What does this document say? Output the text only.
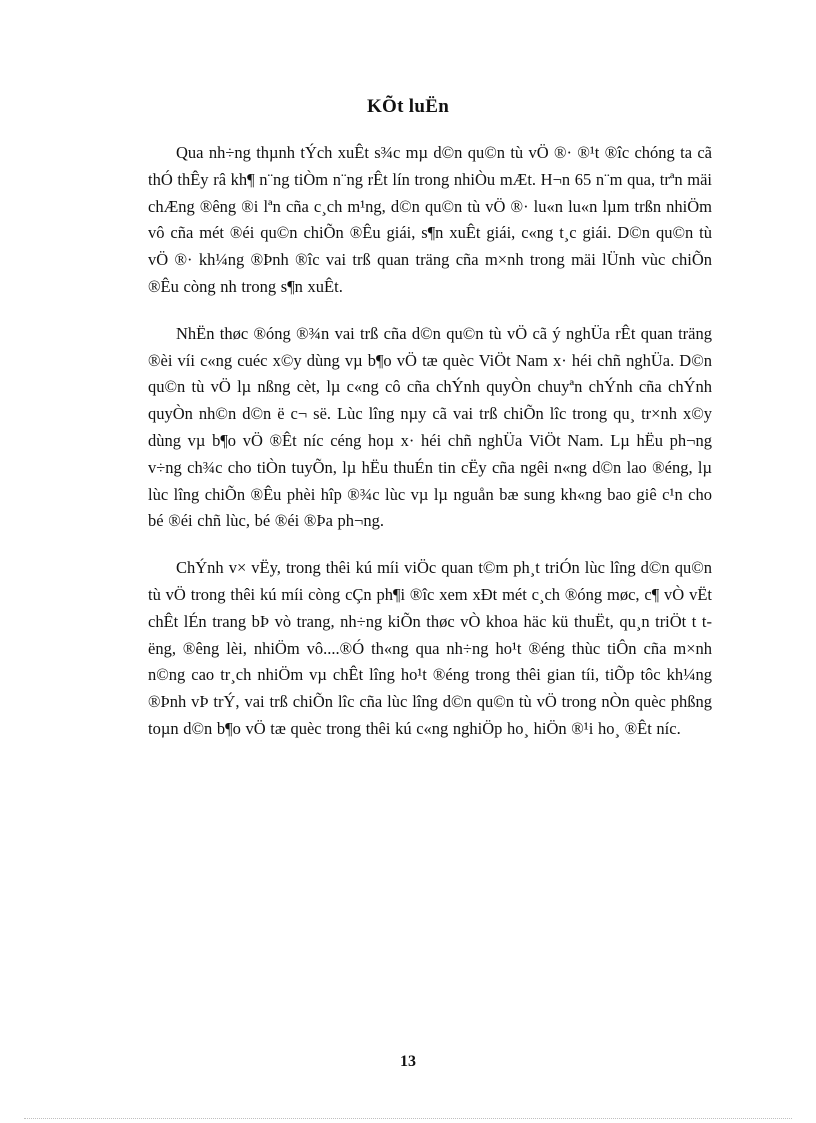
KÕt luËn

Qua nh÷ng thµnh tÝch xuÊt s¾c mµ d©n qu©n tù vÖ ®· ®¹t ®îc chóng ta cã thÓ thÊy râ kh¶ n¨ng tiÒm n¨ng rÊt lín trong nhiÒu mÆt. H¬n 65 n¨m qua, trªn mäi chÆng ®êng ®i lªn cña c¸ch m¹ng, d©n qu©n tù vÖ ®· lu«n lu«n lµm trßn nhiÖm vô cña mét ®éi qu©n chiÕn ®Êu giái, s¶n xuÊt giái, c«ng t¸c giái. D©n qu©n tù vÖ ®· kh¼ng ®Þnh ®îc vai trß quan träng cña m×nh trong mäi lÜnh vùc chiÕn ®Êu còng nh trong s¶n xuÊt.

NhËn thøc ®óng ®¾n vai trß cña d©n qu©n tù vÖ cã ý nghÜa rÊt quan träng ®èi víi c«ng cuéc x©y dùng vµ b¶o vÖ tæ quèc ViÖt Nam x· héi chñ nghÜa. D©n qu©n tù vÖ lµ nßng cèt, lµ c«ng cô cña chÝnh quyÒn chuyªn chÝnh cña chÝnh quyÒn nh©n d©n ë c¬ së. Lùc lîng nµy cã vai trß chiÕn lîc trong qu¸ tr×nh x©y dùng vµ b¶o vÖ ®Êt níc céng hoµ x· héi chñ nghÜa ViÖt Nam. Lµ hËu ph¬ng v÷ng ch¾c cho tiÒn tuyÕn, lµ hËu thuÉn tin cËy cña ngêi n«ng d©n lao ®éng, lµ lùc lîng chiÕn ®Êu phèi hîp ®¾c lùc vµ lµ nguån bæ sung kh«ng bao giê c¹n cho bé ®éi chñ lùc, bé ®éi ®Þa ph¬ng.

ChÝnh v× vËy, trong thêi kú míi viÖc quan t©m ph¸t triÓn lùc lîng d©n qu©n tù vÖ trong thêi kú míi còng cÇn ph¶i ®îc xem xÐt mét c¸ch ®óng møc, c¶ vÒ vËt chÊt lÉn trang bÞ vò trang, nh÷ng kiÕn thøc vÒ khoa häc kü thuËt, qu¸n triÖt t tëng, ®êng lèi, nhiÖm vô....®Ó th«ng qua nh÷ng ho¹t ®éng thùc tiÔn cña m×nh n©ng cao tr¸ch nhiÖm vµ chÊt lîng ho¹t ®éng trong thêi gian tíi, tiÕp tôc kh¼ng ®Þnh vÞ trÝ, vai trß chiÕn lîc cña lùc lîng d©n qu©n tù vÖ trong nÒn quèc phßng toµn d©n b¶o vÖ tæ quèc trong thêi kú c«ng nghiÖp ho¸ hiÖn ®¹i ho¸ ®Êt níc.

13
